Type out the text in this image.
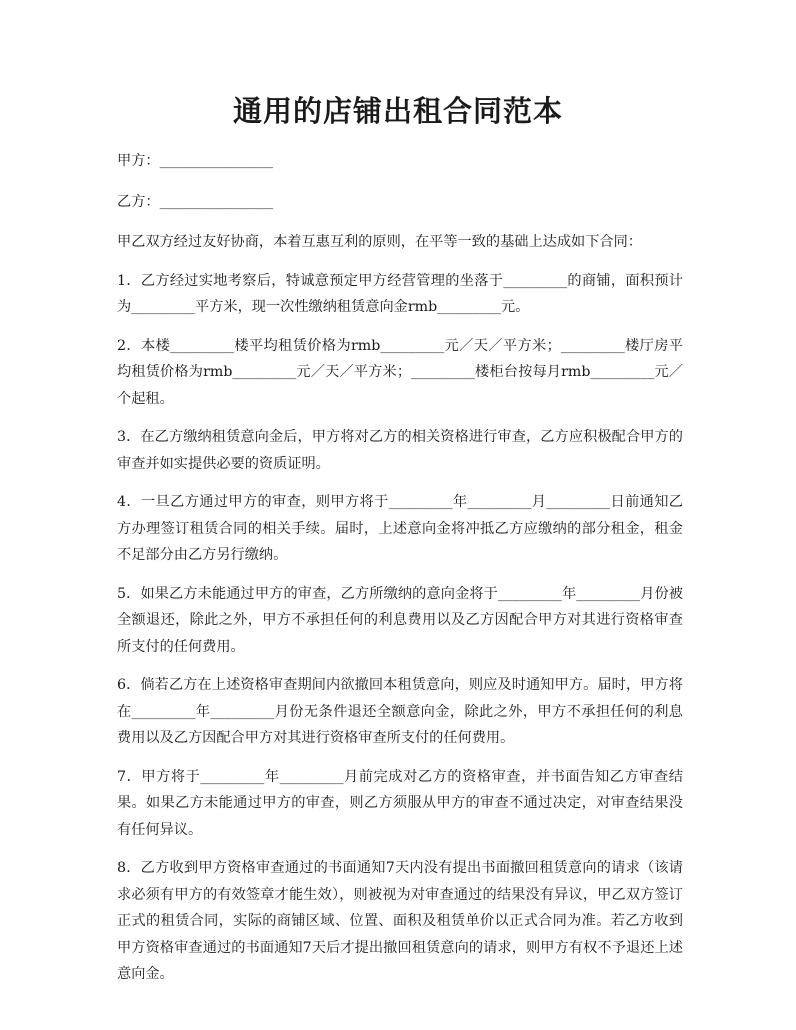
通用的店铺出租合同范本

甲方：________________

乙方：________________

甲乙双方经过友好协商，本着互惠互利的原则，在平等一致的基础上达成如下合同：

1．乙方经过实地考察后，特诚意预定甲方经营管理的坐落于_________的商铺，面积预计为_________平方米，现一次性缴纳租赁意向金rmb_________元。

2．本楼_________楼平均租赁价格为rmb_________元／天／平方米；_________楼厅房平均租赁价格为rmb_________元／天／平方米；_________楼柜台按每月rmb_________元／个起租。

3．在乙方缴纳租赁意向金后，甲方将对乙方的相关资格进行审查，乙方应积极配合甲方的审查并如实提供必要的资质证明。

4．一旦乙方通过甲方的审查，则甲方将于_________年_________月_________日前通知乙方办理签订租赁合同的相关手续。届时，上述意向金将冲抵乙方应缴纳的部分租金，租金不足部分由乙方另行缴纳。

5．如果乙方未能通过甲方的审查，乙方所缴纳的意向金将于_________年_________月份被全额退还，除此之外，甲方不承担任何的利息费用以及乙方因配合甲方对其进行资格审查所支付的任何费用。

6．倘若乙方在上述资格审查期间内欲撤回本租赁意向，则应及时通知甲方。届时，甲方将在_________年_________月份无条件退还全额意向金，除此之外，甲方不承担任何的利息费用以及乙方因配合甲方对其进行资格审查所支付的任何费用。

7．甲方将于_________年_________月前完成对乙方的资格审查，并书面告知乙方审查结果。如果乙方未能通过甲方的审查，则乙方须服从甲方的审查不通过决定，对审查结果没有任何异议。

8．乙方收到甲方资格审查通过的书面通知7天内没有提出书面撤回租赁意向的请求（该请求必须有甲方的有效签章才能生效），则被视为对审查通过的结果没有异议，甲乙双方签订正式的租赁合同，实际的商铺区域、位置、面积及租赁单价以正式合同为准。若乙方收到甲方资格审查通过的书面通知7天后才提出撤回租赁意向的请求，则甲方有权不予退还上述意向金。
